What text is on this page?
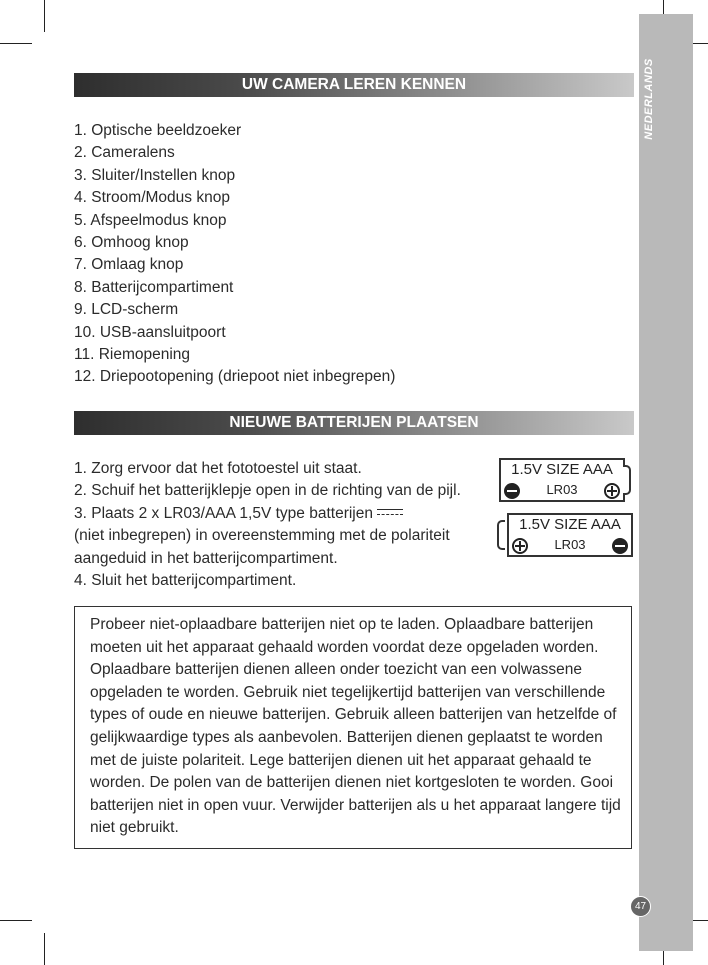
NEDERLANDS
47
UW CAMERA LEREN KENNEN
1. Optische beeldzoeker
2. Cameralens
3. Sluiter/Instellen knop
4. Stroom/Modus knop
5. Afspeelmodus knop
6. Omhoog knop
7. Omlaag knop
8. Batterijcompartiment
9. LCD-scherm
10. USB-aansluitpoort
11. Riemopening
12. Driepootopening (driepoot niet inbegrepen)
NIEUWE BATTERIJEN PLAATSEN
1. Zorg ervoor dat het fototoestel uit staat.
2. Schuif het batterijklepje open in de richting van de pijl.
3. Plaats 2 x LR03/AAA 1,5V type batterijen
(niet inbegrepen) in overeenstemming met de polariteit
aangeduid in het batterijcompartiment.
4. Sluit het batterijcompartiment.
1.5V SIZE AAA
LR03
1.5V SIZE AAA
LR03
Probeer niet-oplaadbare batterijen niet op te laden. Oplaadbare batterijen moeten uit het apparaat gehaald worden voordat deze opgeladen worden. Oplaadbare batterijen dienen alleen onder toezicht van een volwassene opgeladen te worden. Gebruik niet tegelijkertijd batterijen van verschillende types of oude en nieuwe batterijen. Gebruik alleen batterijen van hetzelfde of gelijkwaardige types als aanbevolen. Batterijen dienen geplaatst te worden met de juiste polariteit. Lege batterijen dienen uit het apparaat gehaald te worden. De polen van de batterijen dienen niet kortgesloten te worden. Gooi batterijen niet in open vuur. Verwijder batterijen als u het apparaat langere tijd niet gebruikt.
